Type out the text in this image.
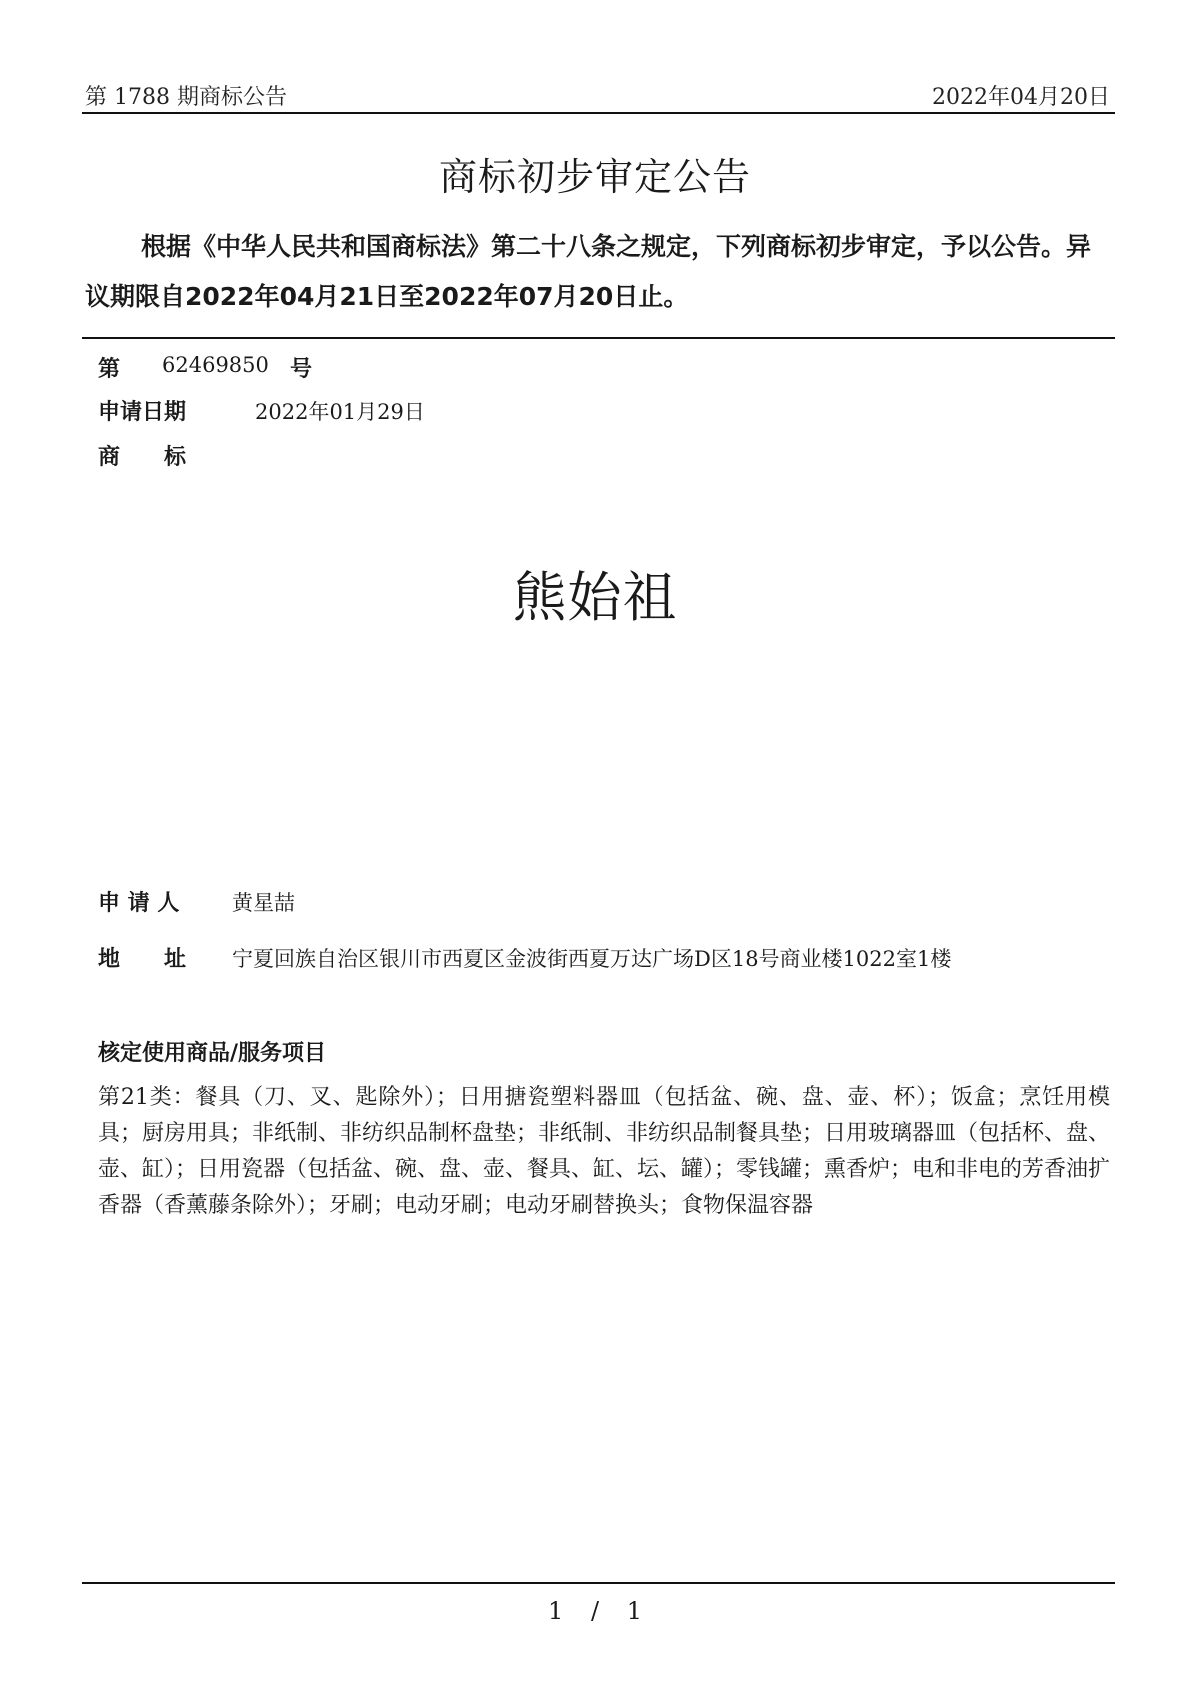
第 1788 期商标公告	2022年04月20日
商标初步审定公告
根据《中华人民共和国商标法》第二十八条之规定，下列商标初步审定，予以公告。异议期限自2022年04月21日至2022年07月20日止。
第 62469850 号
申请日期	2022年01月29日
商　　标
熊始祖
申 请 人	黄星喆
地　　址 宁夏回族自治区银川市西夏区金波街西夏万达广场D区18号商业楼1022室1楼
核定使用商品/服务项目
第21类：餐具（刀、叉、匙除外）；日用搪瓷塑料器皿（包括盆、碗、盘、壶、杯）；饭盒；烹饪用模具；厨房用具；非纸制、非纺织品制杯盘垫；非纸制、非纺织品制餐具垫；日用玻璃器皿（包括杯、盘、壶、缸）；日用瓷器（包括盆、碗、盘、壶、餐具、缸、坛、罐）；零钱罐；熏香炉；电和非电的芳香油扩香器（香薰藤条除外）；牙刷；电动牙刷；电动牙刷替换头；食物保温容器
1 / 1
